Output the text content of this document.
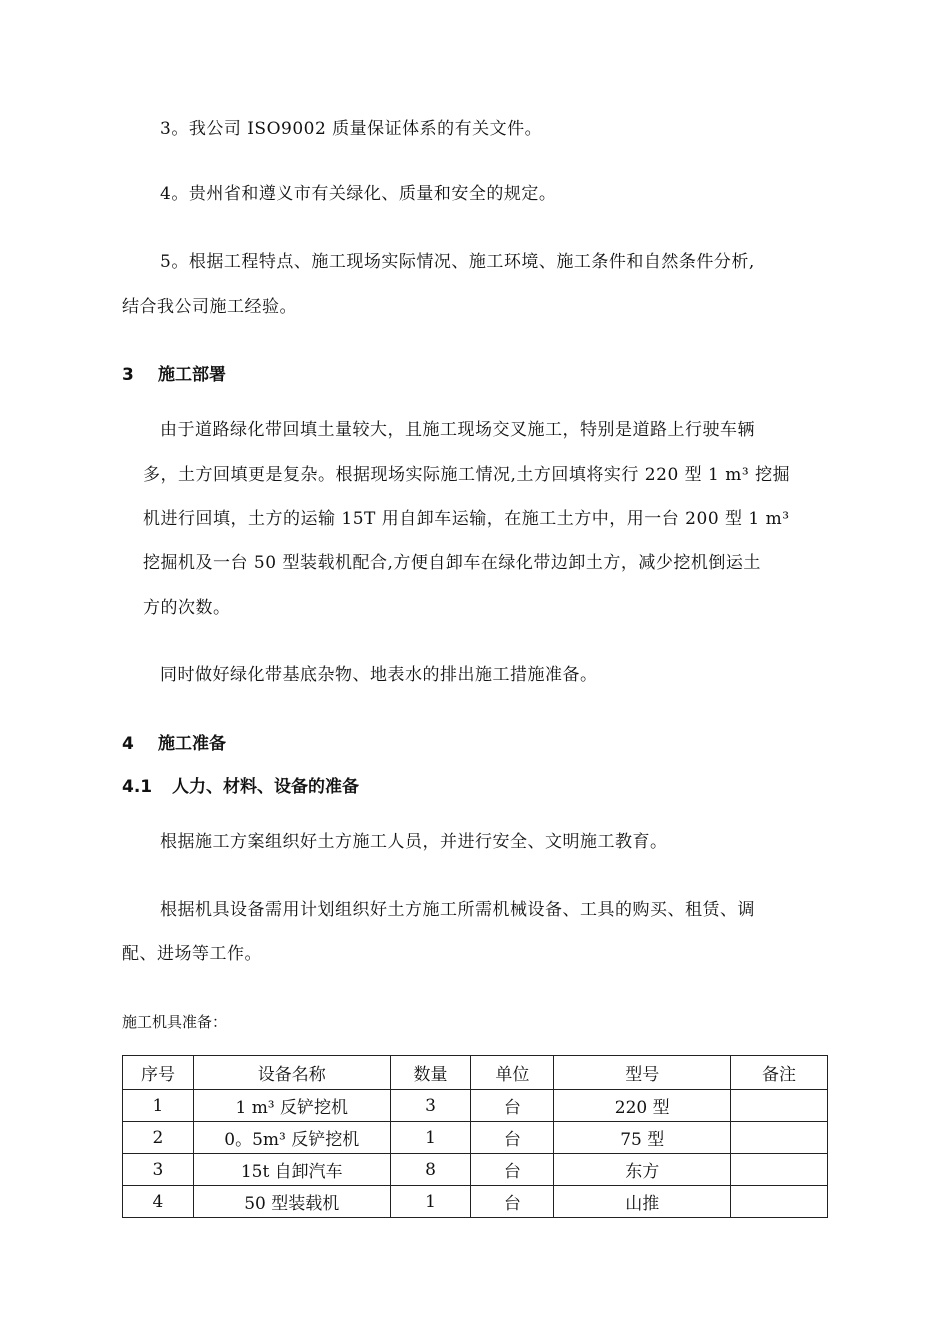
3。我公司 ISO9002 质量保证体系的有关文件。
4。贵州省和遵义市有关绿化、质量和安全的规定。
5。根据工程特点、施工现场实际情况、施工环境、施工条件和自然条件分析,
结合我公司施工经验。
3 施工部署
由于道路绿化带回填土量较大，且施工现场交叉施工，特别是道路上行驶车辆
多，土方回填更是复杂。根据现场实际施工情况,土方回填将实行 220 型 1 m³ 挖掘
机进行回填，土方的运输 15T 用自卸车运输，在施工土方中，用一台 200 型 1 m³
挖掘机及一台 50 型装载机配合,方便自卸车在绿化带边卸土方，减少挖机倒运土
方的次数。
同时做好绿化带基底杂物、地表水的排出施工措施准备。
4 施工准备
4.1 人力、材料、设备的准备
根据施工方案组织好土方施工人员，并进行安全、文明施工教育。
根据机具设备需用计划组织好土方施工所需机械设备、工具的购买、租赁、调
配、进场等工作。
施工机具准备：
序号	设备名称	数量	单位	型号	备注
1	1 m³ 反铲挖机	3	台	220 型	
2	0。5m³ 反铲挖机	1	台	75 型	
3	15t 自卸汽车	8	台	东方	
4	50 型装载机	1	台	山推	
